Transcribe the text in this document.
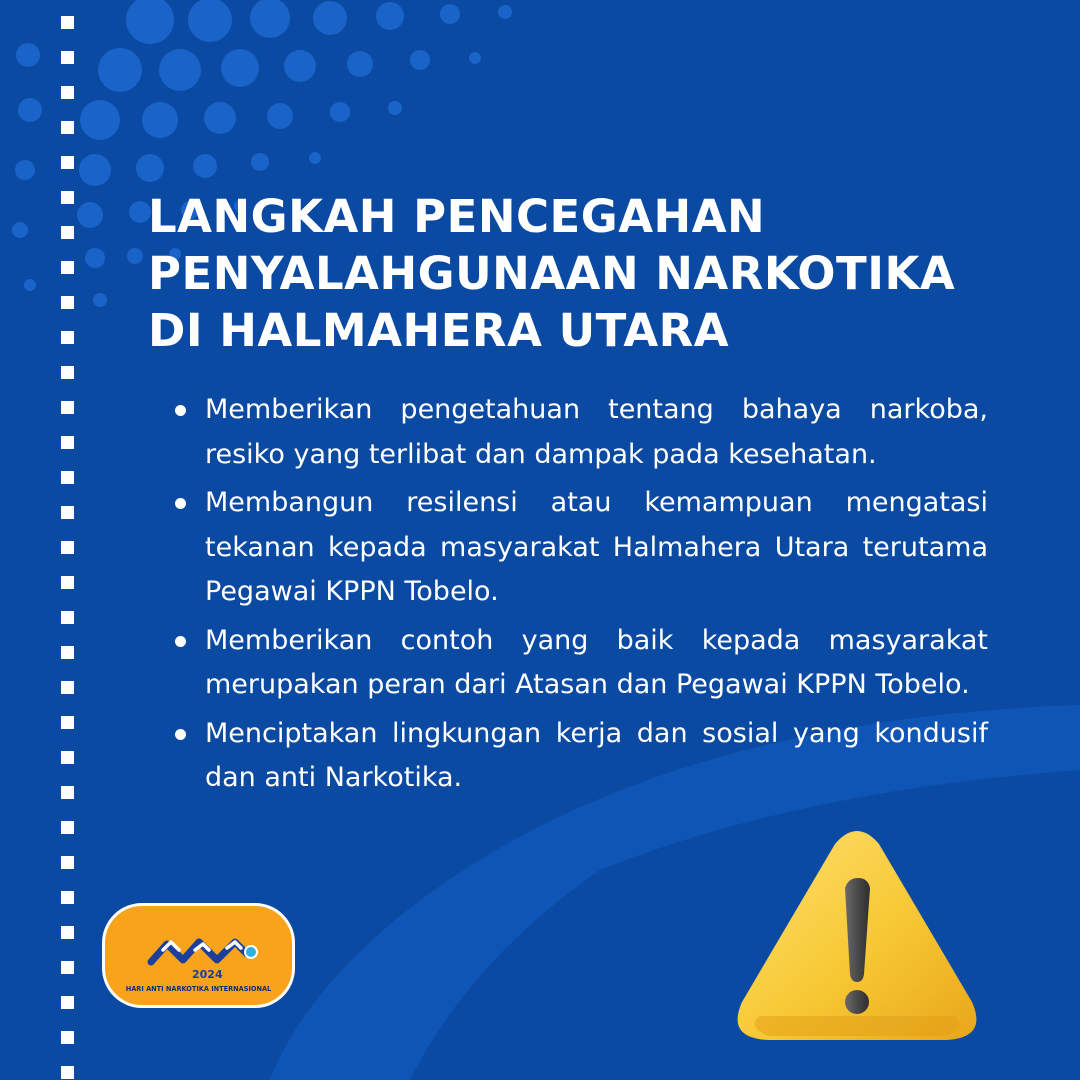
LANGKAH PENCEGAHAN
PENYALAHGUNAAN NARKOTIKA
DI HALMAHERA UTARA
Memberikan pengetahuan tentang bahaya narkoba, resiko yang terlibat dan dampak pada kesehatan.
Membangun resilensi atau kemampuan mengatasi tekanan kepada masyarakat Halmahera Utara terutama Pegawai KPPN Tobelo.
Memberikan contoh yang baik kepada masyarakat merupakan peran dari Atasan dan Pegawai KPPN Tobelo.
Menciptakan lingkungan kerja dan sosial yang kondusif dan anti Narkotika.
2024
HARI ANTI NARKOTIKA INTERNASIONAL
